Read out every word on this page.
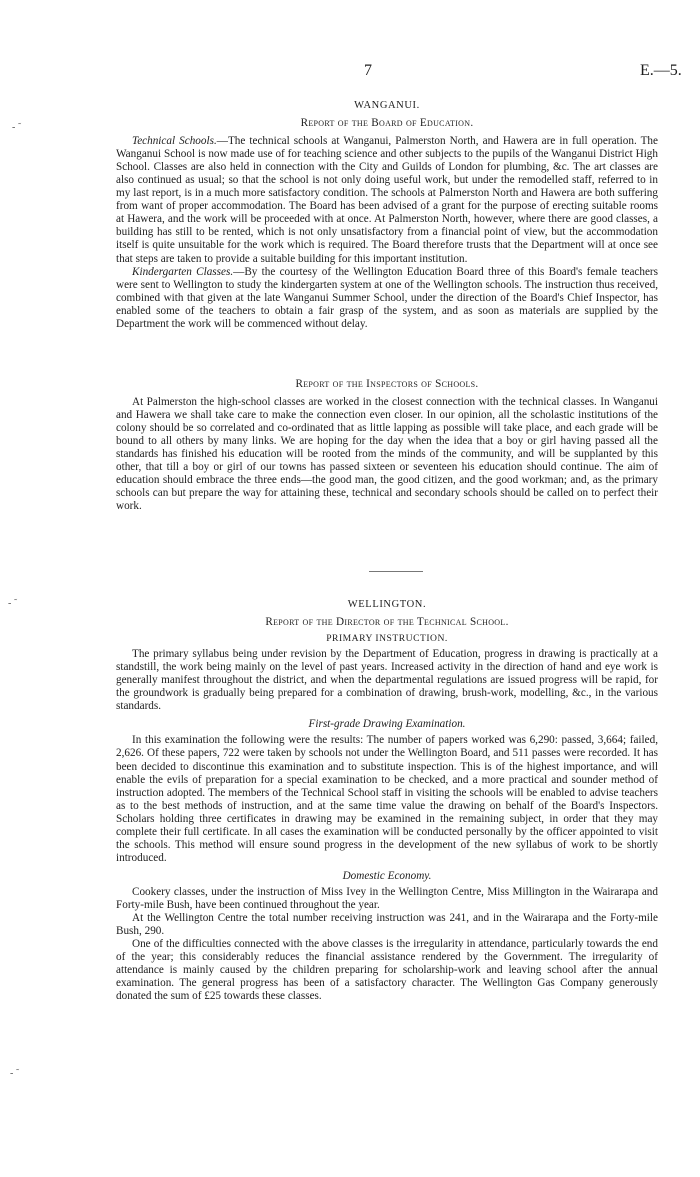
7	E.—5.
- ˜
- ˜
- ˜

WANGANUI.

Report of the Board of Education.

Technical Schools.—The technical schools at Wanganui, Palmerston North, and Hawera are in full operation. The Wanganui School is now made use of for teaching science and other subjects to the pupils of the Wanganui District High School. Classes are also held in connection with the City and Guilds of London for plumbing, &c. The art classes are also continued as usual; so that the school is not only doing useful work, but under the remodelled staff, referred to in my last report, is in a much more satisfactory condition. The schools at Palmerston North and Hawera are both suffering from want of proper accommodation. The Board has been advised of a grant for the purpose of erecting suitable rooms at Hawera, and the work will be proceeded with at once. At Palmerston North, however, where there are good classes, a building has still to be rented, which is not only unsatisfactory from a financial point of view, but the accommodation itself is quite unsuitable for the work which is required. The Board therefore trusts that the Department will at once see that steps are taken to provide a suitable building for this important institution.

Kindergarten Classes.—By the courtesy of the Wellington Education Board three of this Board's female teachers were sent to Wellington to study the kindergarten system at one of the Wellington schools. The instruction thus received, combined with that given at the late Wanganui Summer School, under the direction of the Board's Chief Inspector, has enabled some of the teachers to obtain a fair grasp of the system, and as soon as materials are supplied by the Department the work will be commenced without delay.

Report of the Inspectors of Schools.

At Palmerston the high-school classes are worked in the closest connection with the technical classes. In Wanganui and Hawera we shall take care to make the connection even closer. In our opinion, all the scholastic institutions of the colony should be so correlated and co-ordinated that as little lapping as possible will take place, and each grade will be bound to all others by many links. We are hoping for the day when the idea that a boy or girl having passed all the standards has finished his education will be rooted from the minds of the community, and will be supplanted by this other, that till a boy or girl of our towns has passed sixteen or seventeen his education should continue. The aim of education should embrace the three ends—the good man, the good citizen, and the good workman; and, as the primary schools can but prepare the way for attaining these, technical and secondary schools should be called on to perfect their work.

WELLINGTON.

Report of the Director of the Technical School.

PRIMARY INSTRUCTION.

The primary syllabus being under revision by the Department of Education, progress in drawing is practically at a standstill, the work being mainly on the level of past years. Increased activity in the direction of hand and eye work is generally manifest throughout the district, and when the departmental regulations are issued progress will be rapid, for the groundwork is gradually being prepared for a combination of drawing, brush-work, modelling, &c., in the various standards.

First-grade Drawing Examination.

In this examination the following were the results: The number of papers worked was 6,290: passed, 3,664; failed, 2,626. Of these papers, 722 were taken by schools not under the Wellington Board, and 511 passes were recorded. It has been decided to discontinue this examination and to substitute inspection. This is of the highest importance, and will enable the evils of preparation for a special examination to be checked, and a more practical and sounder method of instruction adopted. The members of the Technical School staff in visiting the schools will be enabled to advise teachers as to the best methods of instruction, and at the same time value the drawing on behalf of the Board's Inspectors. Scholars holding three certificates in drawing may be examined in the remaining subject, in order that they may complete their full certificate. In all cases the examination will be conducted personally by the officer appointed to visit the schools. This method will ensure sound progress in the development of the new syllabus of work to be shortly introduced.

Domestic Economy.

Cookery classes, under the instruction of Miss Ivey in the Wellington Centre, Miss Millington in the Wairarapa and Forty-mile Bush, have been continued throughout the year.

At the Wellington Centre the total number receiving instruction was 241, and in the Wairarapa and the Forty-mile Bush, 290.

One of the difficulties connected with the above classes is the irregularity in attendance, particularly towards the end of the year; this considerably reduces the financial assistance rendered by the Government. The irregularity of attendance is mainly caused by the children preparing for scholarship-work and leaving school after the annual examination. The general progress has been of a satisfactory character. The Wellington Gas Company generously donated the sum of £25 towards these classes.
